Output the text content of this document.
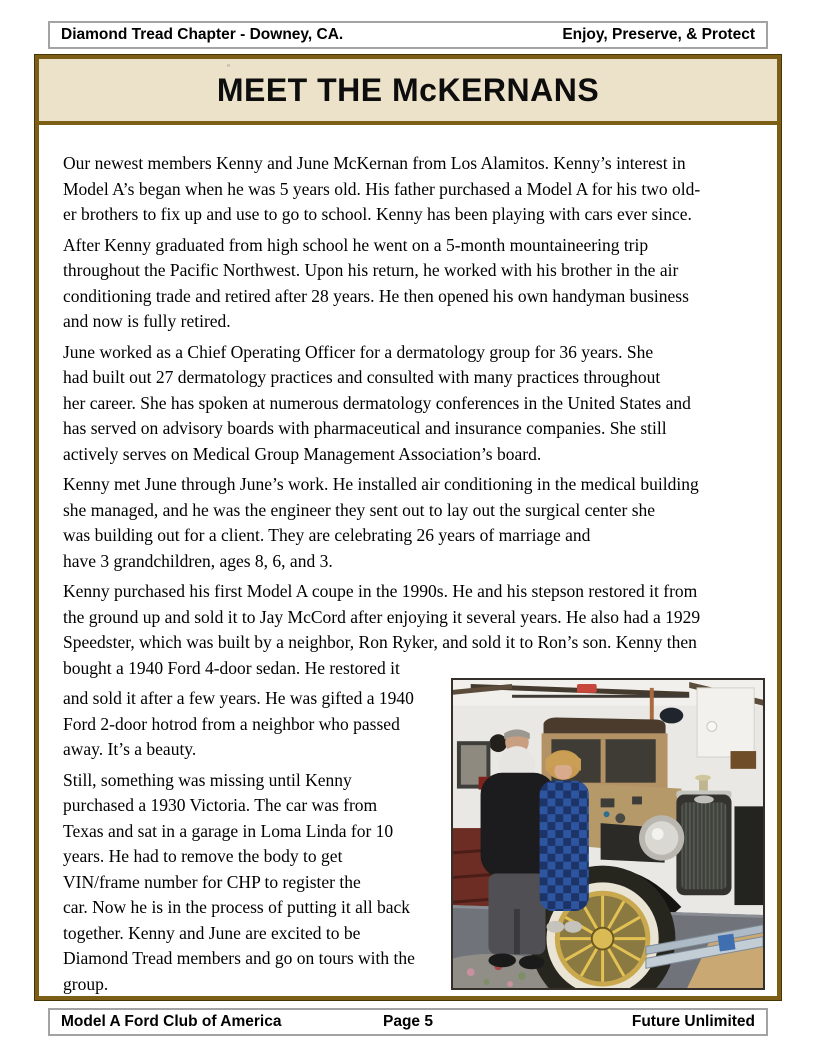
Diamond Tread Chapter - Downey, CA.	Enjoy, Preserve, & Protect
”
MEET THE McKERNANS

Our newest members Kenny and June McKernan from Los Alamitos. Kenny’s interest in
Model A’s began when he was 5 years old. His father purchased a Model A for his two old-
er brothers to fix up and use to go to school. Kenny has been playing with cars ever since.

After Kenny graduated from high school he went on a 5-month mountaineering trip
throughout the Pacific Northwest. Upon his return, he worked with his brother in the air
conditioning trade and retired after 28 years. He then opened his own handyman business
and now is fully retired.

June worked as a Chief Operating Officer for a dermatology group for 36 years. She
had built out 27 dermatology practices and consulted with many practices throughout
her career. She has spoken at numerous dermatology conferences in the United States and
has served on advisory boards with pharmaceutical and insurance companies. She still
actively serves on Medical Group Management Association’s board.

Kenny met June through June’s work. He installed air conditioning in the medical building
she managed, and he was the engineer they sent out to lay out the surgical center she
was building out for a client. They are celebrating 26 years of marriage and
have 3 grandchildren, ages 8, 6, and 3.

Kenny purchased his first Model A coupe in the 1990s. He and his stepson restored it from
the ground up and sold it to Jay McCord after enjoying it several years. He also had a 1929
Speedster, which was built by a neighbor, Ron Ryker, and sold it to Ron’s son. Kenny then
bought a 1940 Ford 4-door sedan. He restored it

and sold it after a few years. He was gifted a 1940
Ford 2-door hotrod from a neighbor who passed
away. It’s a beauty.

Still, something was missing until Kenny
purchased a 1930 Victoria. The car was from
Texas and sat in a garage in Loma Linda for 10
years. He had to remove the body to get
VIN/frame number for CHP to register the
car. Now he is in the process of putting it all back
together. Kenny and June are excited to be
Diamond Tread members and go on tours with the
group.

Model A Ford Club of America	Page 5	Future Unlimited
